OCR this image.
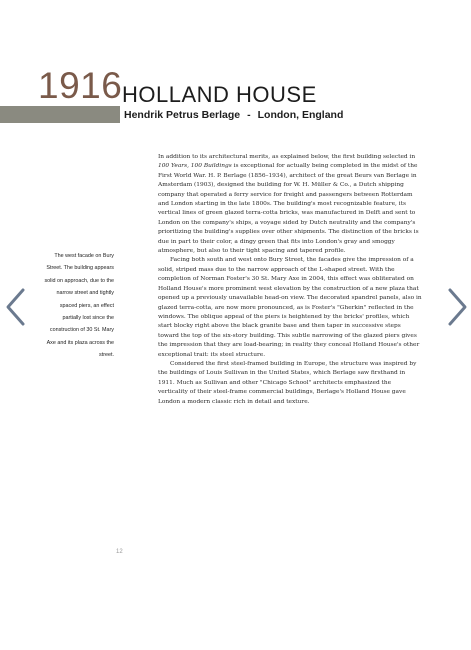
1916 HOLLAND HOUSE
Hendrik Petrus Berlage - London, England
The west facade on Bury Street. The building appears solid on approach, due to the narrow street and tightly spaced piers, an effect partially lost since the construction of 30 St. Mary Axe and its plaza across the street.

In addition to its architectural merits, as explained below, the first building selected in 100 Years, 100 Buildings is exceptional for actually being completed in the midst of the First World War. H. P. Berlage (1856–1934), architect of the great Beurs van Berlage in Amsterdam (1903), designed the building for W. H. Müller & Co., a Dutch shipping company that operated a ferry service for freight and passengers between Rotterdam and London starting in the late 1800s. The building's most recognizable feature, its vertical lines of green glazed terra-cotta bricks, was manufactured in Delft and sent to London on the company's ships, a voyage sided by Dutch neutrality and the company's prioritizing the building's supplies over other shipments. The distinction of the bricks is due in part to their color, a dingy green that fits into London's gray and smoggy atmosphere, but also to their tight spacing and tapered profile.

Facing both south and west onto Bury Street, the facades give the impression of a solid, striped mass due to the narrow approach of the L-shaped street. With the completion of Norman Foster's 30 St. Mary Axe in 2004, this effect was obliterated on Holland House's more prominent west elevation by the construction of a new plaza that opened up a previously unavailable head-on view. The decorated spandrel panels, also in glazed terra-cotta, are now more pronounced, as is Foster's "Gherkin" reflected in the windows. The oblique appeal of the piers is heightened by the bricks' profiles, which start blocky right above the black granite base and then taper in successive steps toward the top of the six-story building. This subtle narrowing of the glazed piers gives the impression that they are load-bearing; in reality they conceal Holland House's other exceptional trait: its steel structure.

Considered the first steel-framed building in Europe, the structure was inspired by the buildings of Louis Sullivan in the United States, which Berlage saw firsthand in 1911. Much as Sullivan and other "Chicago School" architects emphasized the verticality of their steel-frame commercial buildings, Berlage's Holland House gave London a modern classic rich in detail and texture.

12
